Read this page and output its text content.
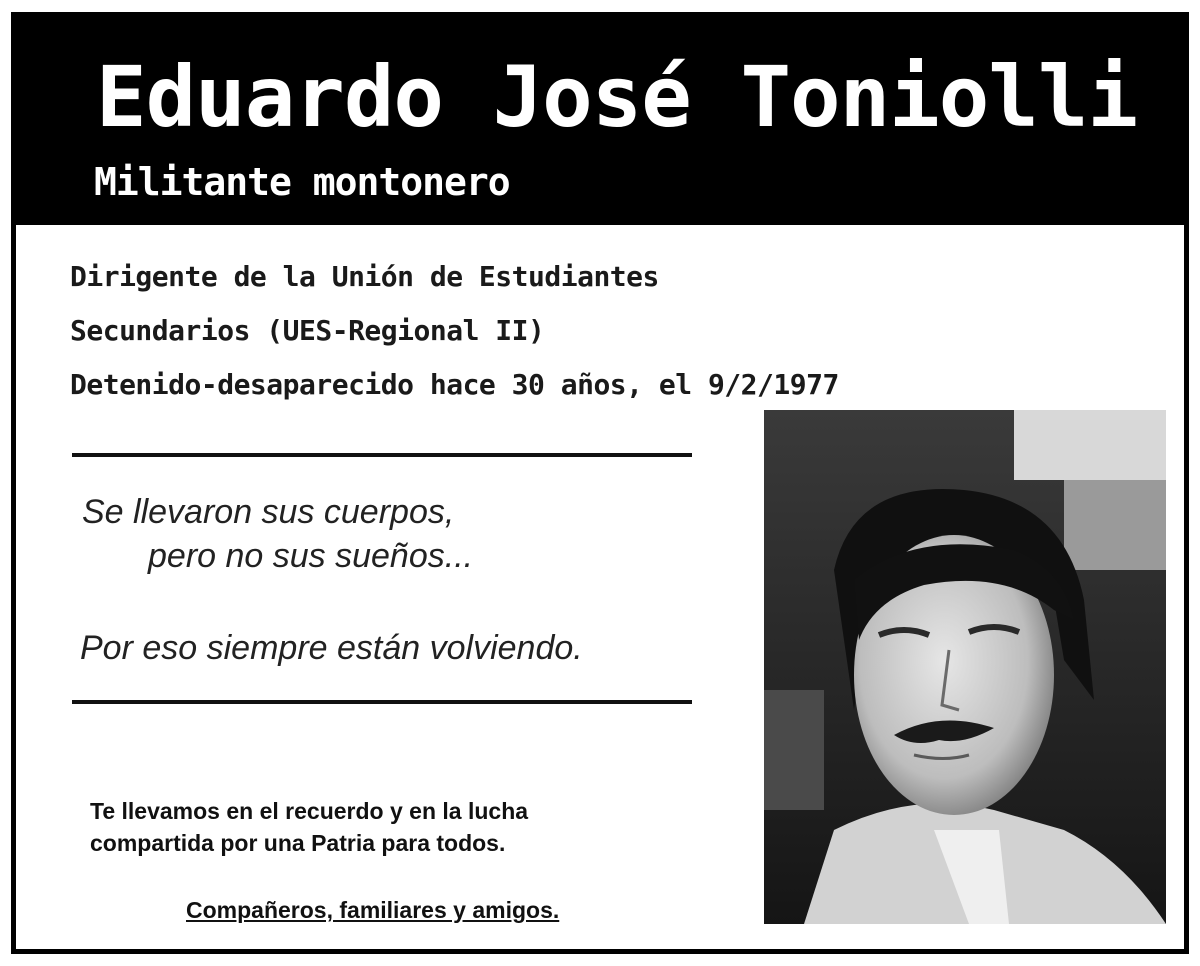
Eduardo José Toniolli
Militante montonero

Dirigente de la Unión de Estudiantes

Secundarios (UES-Regional II)

Detenido-desaparecido hace 30 años, el 9/2/1977

Se llevaron sus cuerpos,

pero no sus sueños...

Por eso siempre están volviendo.

Te llevamos en el recuerdo y en la lucha
compartida por una Patria para todos.

Compañeros, familiares y amigos.
